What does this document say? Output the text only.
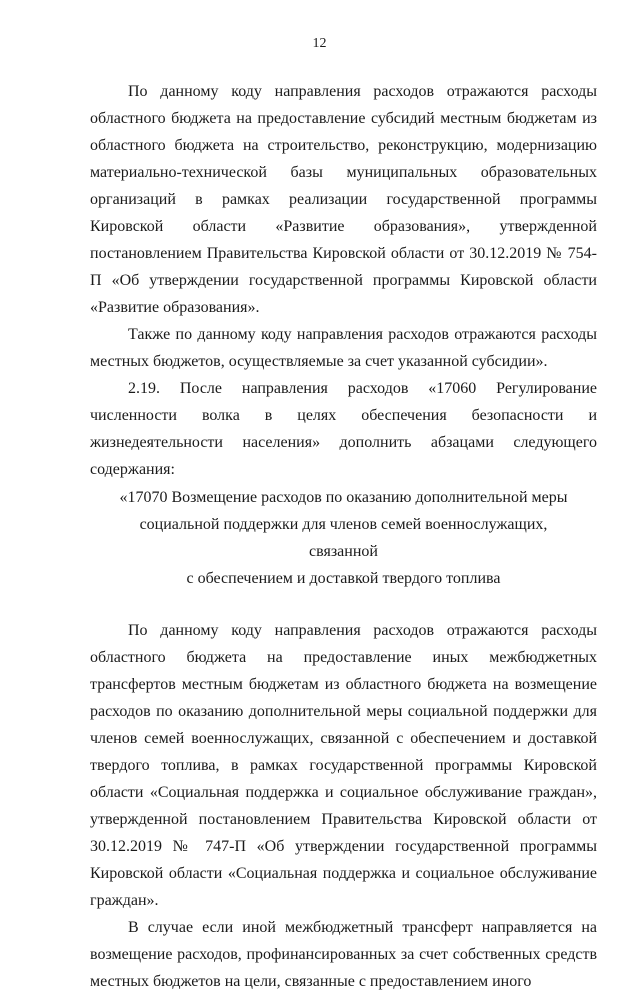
12

По данному коду направления расходов отражаются расходы областного бюджета на предоставление субсидий местным бюджетам из областного бюджета на строительство, реконструкцию, модернизацию материально-технической базы муниципальных образовательных организаций в рамках реализации государственной программы Кировской области «Развитие образования», утвержденной постановлением Правительства Кировской области от 30.12.2019 № 754-П «Об утверждении государственной программы Кировской области «Развитие образования».

Также по данному коду направления расходов отражаются расходы местных бюджетов, осуществляемые за счет указанной субсидии».

2.19. После направления расходов «17060 Регулирование численности волка в целях обеспечения безопасности и жизнедеятельности населения» дополнить абзацами следующего содержания:

«17070 Возмещение расходов по оказанию дополнительной меры

социальной поддержки для членов семей военнослужащих, связанной

с обеспечением и доставкой твердого топлива

По данному коду направления расходов отражаются расходы областного бюджета на предоставление иных межбюджетных трансфертов местным бюджетам из областного бюджета на возмещение расходов по оказанию дополнительной меры социальной поддержки для членов семей военнослужащих, связанной с обеспечением и доставкой твердого топлива, в рамках государственной программы Кировской области «Социальная поддержка и социальное обслуживание граждан», утвержденной постановлением Правительства Кировской области от 30.12.2019 № 747-П «Об утверждении государственной программы Кировской области «Социальная поддержка и социальное обслуживание граждан».

В случае если иной межбюджетный трансферт направляется на возмещение расходов, профинансированных за счет собственных средств местных бюджетов на цели, связанные с предоставлением иного
